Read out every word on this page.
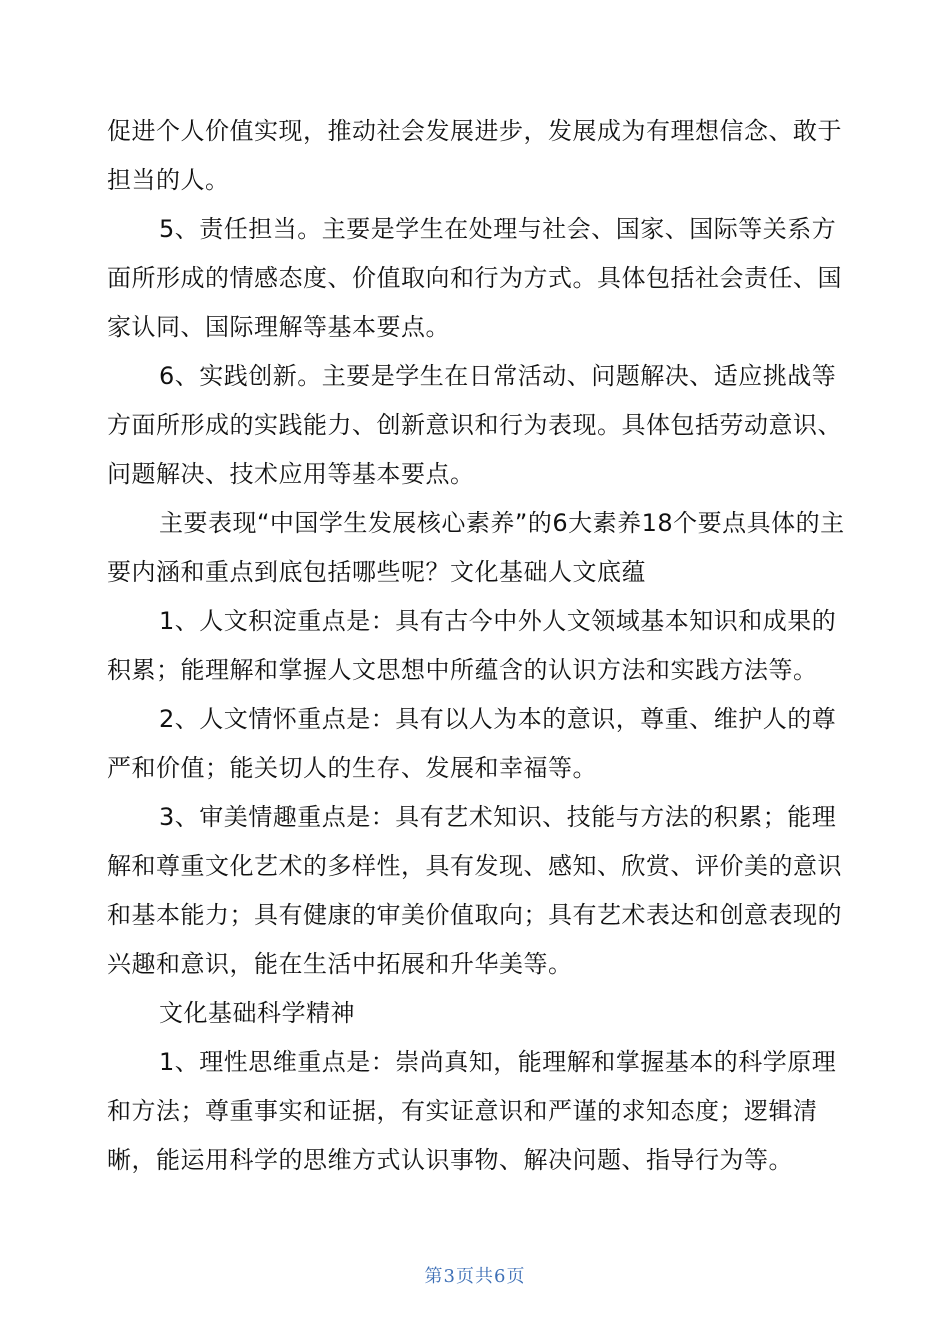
促进个人价值实现，推动社会发展进步，发展成为有理想信念、敢于担当的人。

5、责任担当。主要是学生在处理与社会、国家、国际等关系方面所形成的情感态度、价值取向和行为方式。具体包括社会责任、国家认同、国际理解等基本要点。

6、实践创新。主要是学生在日常活动、问题解决、适应挑战等方面所形成的实践能力、创新意识和行为表现。具体包括劳动意识、问题解决、技术应用等基本要点。

主要表现“中国学生发展核心素养”的6大素养18个要点具体的主要内涵和重点到底包括哪些呢？文化基础人文底蕴

1、人文积淀重点是：具有古今中外人文领域基本知识和成果的积累；能理解和掌握人文思想中所蕴含的认识方法和实践方法等。

2、人文情怀重点是：具有以人为本的意识，尊重、维护人的尊严和价值；能关切人的生存、发展和幸福等。

3、审美情趣重点是：具有艺术知识、技能与方法的积累；能理解和尊重文化艺术的多样性，具有发现、感知、欣赏、评价美的意识和基本能力；具有健康的审美价值取向；具有艺术表达和创意表现的兴趣和意识，能在生活中拓展和升华美等。

文化基础科学精神

1、理性思维重点是：崇尚真知，能理解和掌握基本的科学原理和方法；尊重事实和证据，有实证意识和严谨的求知态度；逻辑清晰，能运用科学的思维方式认识事物、解决问题、指导行为等。

第3页共6页
